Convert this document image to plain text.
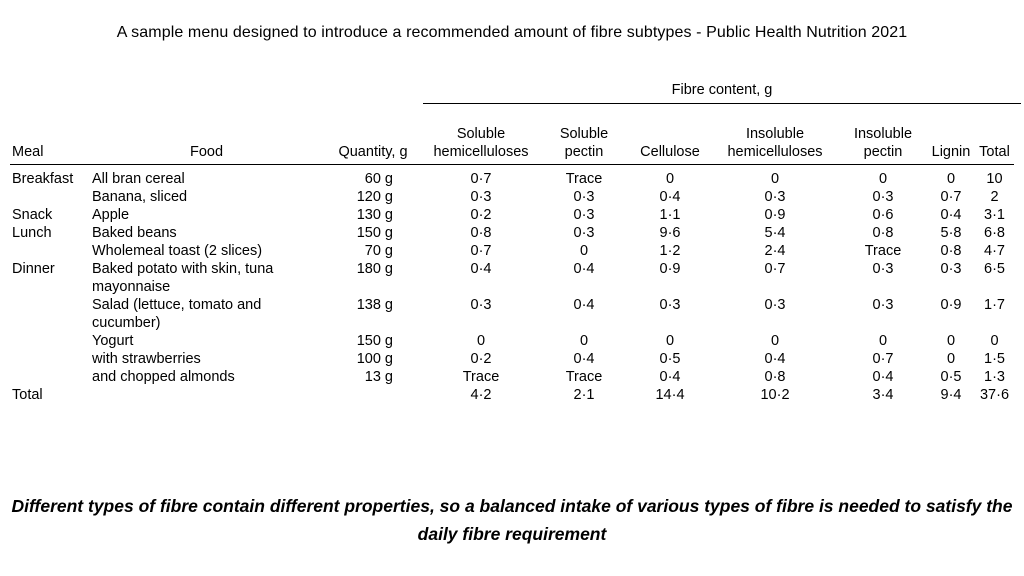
A sample menu designed to introduce a recommended amount of fibre subtypes - Public Health Nutrition 2021
Fibre content, g
Meal	Food	Quantity, g	Soluble hemicelluloses	Soluble pectin	Cellulose	Insoluble hemicelluloses	Insoluble pectin	Lignin	Total
Breakfast	All bran cereal	60 g	0·7	Trace	0	0	0	0	10
	Banana, sliced	120 g	0·3	0·3	0·4	0·3	0·3	0·7	2
Snack	Apple	130 g	0·2	0·3	1·1	0·9	0·6	0·4	3·1
Lunch	Baked beans	150 g	0·8	0·3	9·6	5·4	0·8	5·8	6·8
	Wholemeal toast (2 slices)	70 g	0·7	0	1·2	2·4	Trace	0·8	4·7
Dinner	Baked potato with skin, tuna mayonnaise	180 g	0·4	0·4	0·9	0·7	0·3	0·3	6·5
	Salad (lettuce, tomato and cucumber)	138 g	0·3	0·4	0·3	0·3	0·3	0·9	1·7
	Yogurt	150 g	0	0	0	0	0	0	0
	with strawberries	100 g	0·2	0·4	0·5	0·4	0·7	0	1·5
	and chopped almonds	13 g	Trace	Trace	0·4	0·8	0·4	0·5	1·3
Total			4·2	2·1	14·4	10·2	3·4	9·4	37·6
Different types of fibre contain different properties, so a balanced intake of various types of fibre is needed to satisfy the daily fibre requirement
